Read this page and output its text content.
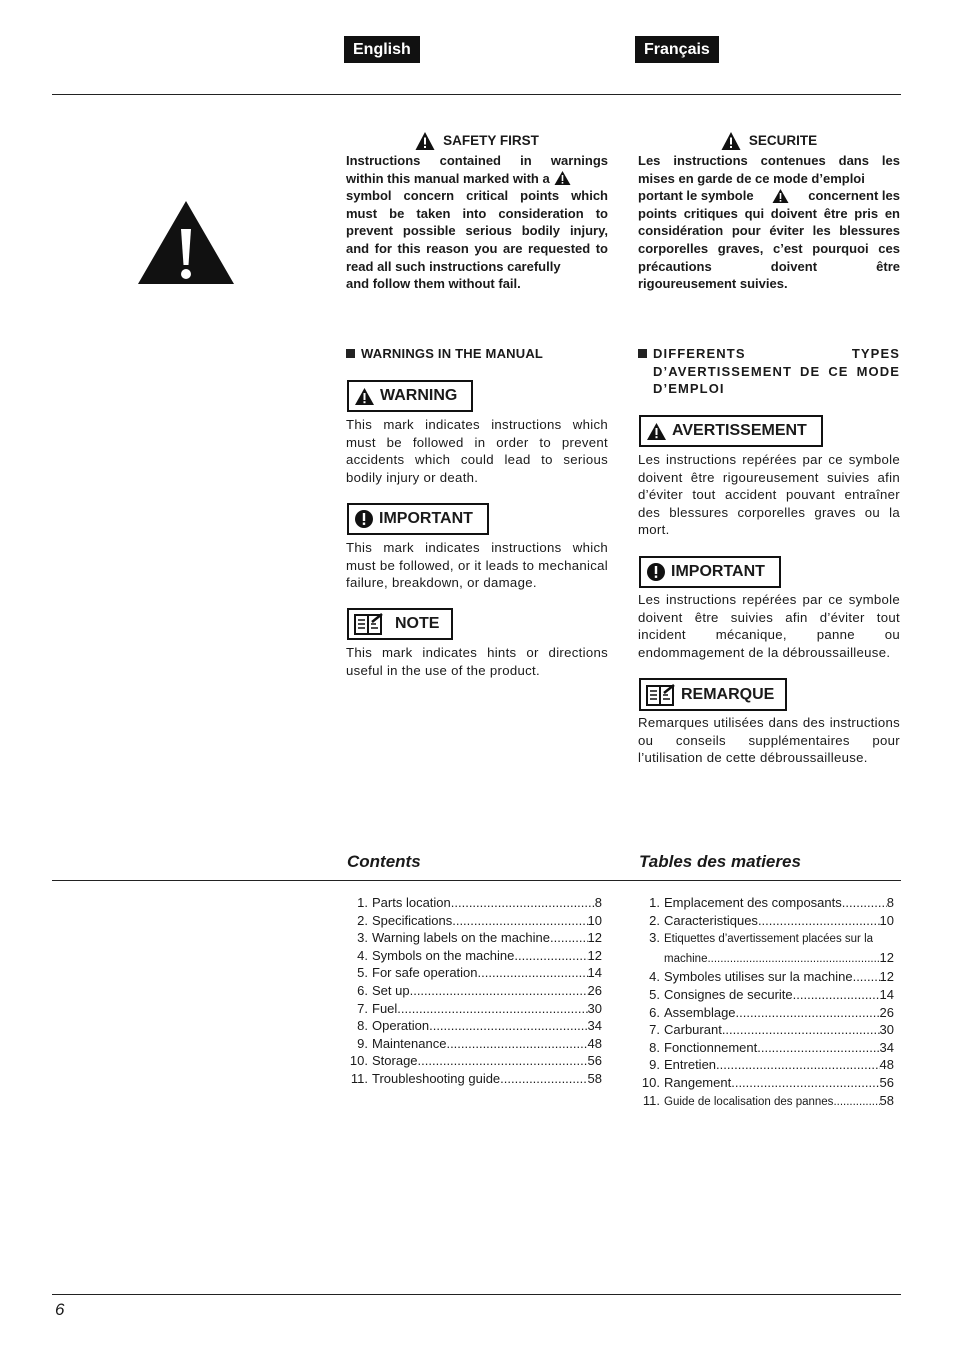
English	Français
SAFETY FIRST
Instructions contained in warnings
within this manual marked with a
symbol concern critical points which must be taken into consideration to prevent possible serious bodily injury, and for this reason you are requested to read all such instructions carefully
and follow them without fail.
SECURITE
Les instructions contenues dans les mises en garde de ce mode d’emploi
portant le symbole	concernent les
points critiques qui doivent être pris en considération pour éviter les blessures corporelles graves, c’est pourquoi ces précautions doivent être
rigoureusement suivies.
WARNINGS IN THE MANUAL
WARNING
This mark indicates instructions which must be followed in order to prevent accidents which could lead to serious
bodily injury or death.
IMPORTANT
This mark indicates instructions which must be followed, or it leads to mechanical
failure, breakdown, or damage.
NOTE
This mark indicates hints or directions
useful in the use of the product.
DIFFERENTS TYPES
D’AVERTISSEMENT DE CE MODE
D’EMPLOI
AVERTISSEMENT
Les instructions repérées par ce symbole doivent être rigoureusement suivies afin d’éviter tout accident pouvant entraîner des blessures corporelles graves ou la
mort.
IMPORTANT
Les instructions repérées par ce symbole doivent être suivies afin d’éviter tout incident mécanique, panne ou
endommagement de la débroussailleuse.
REMARQUE
Remarques utilisées dans des instructions ou conseils supplémentaires pour
l’utilisation de cette débroussailleuse.
Contents	Tables des matieres
1. Parts location .....	8
2. Specifications .....	10
3. Warning labels on the machine .....	12
4. Symbols on the machine .....	12
5. For safe operation .....	14
6. Set up .....	26
7. Fuel .....	30
8. Operation .....	34
9. Maintenance .....	48
10. Storage .....	56
11. Troubleshooting guide .....	58
1. Emplacement des composants .....	8
2. Caracteristiques .....	10
3. Etiquettes d’avertissement placées sur la
machine .....	12
4. Symboles utilises sur la machine ..... 12
5. Consignes de securite .....	14
6. Assemblage .....	26
7. Carburant .....	30
8. Fonctionnement .....	34
9. Entretien .....	48
10. Rangement .....	56
11. Guide de localisation des pannes .....	58
6
